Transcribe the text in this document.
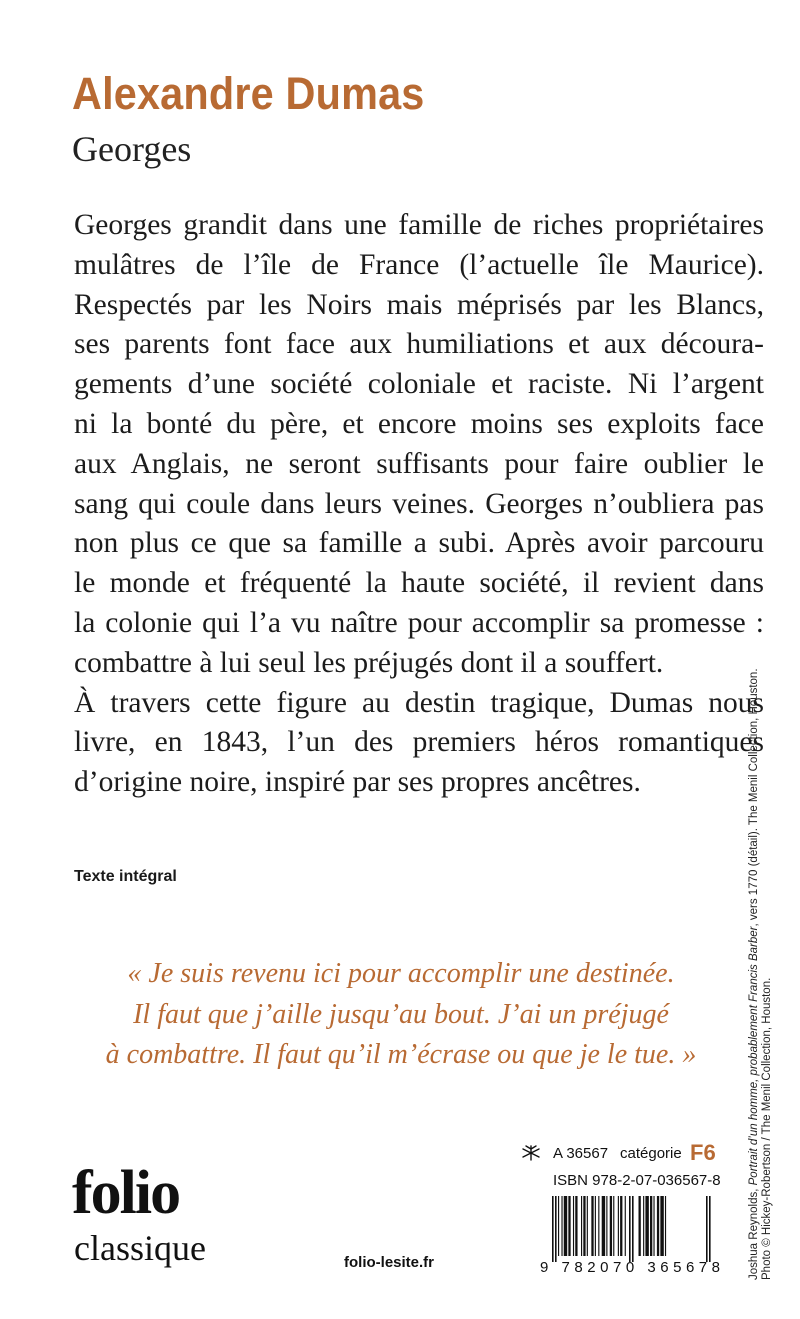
Alexandre Dumas
Georges
Georges grandit dans une famille de riches propriétaires
mulâtres de l’île de France (l’actuelle île Maurice).
Respectés par les Noirs mais méprisés par les Blancs,
ses parents font face aux humiliations et aux découra-
gements d’une société coloniale et raciste. Ni l’argent
ni la bonté du père, et encore moins ses exploits face
aux Anglais, ne seront suffisants pour faire oublier le
sang qui coule dans leurs veines. Georges n’oubliera pas
non plus ce que sa famille a subi. Après avoir parcouru
le monde et fréquenté la haute société, il revient dans
la colonie qui l’a vu naître pour accomplir sa promesse :
combattre à lui seul les préjugés dont il a souffert.
À travers cette figure au destin tragique, Dumas nous
livre, en 1843, l’un des premiers héros romantiques
d’origine noire, inspiré par ses propres ancêtres.
Texte intégral
« Je suis revenu ici pour accomplir une destinée.
Il faut que j’aille jusqu’au bout. J’ai un préjugé
à combattre. Il faut qu’il m’écrase ou que je le tue. »
folio
classique	folio-lesite.fr
A 36567 catégorie F6
ISBN 978-2-07-036567-8
9 782070 365678 Joshua Reynolds, Portrait d’un homme, probablement Francis Barber, vers 1770 (détail). The Menil Collection, Houston.
Photo © Hickey-Robertson / The Menil Collection, Houston.
